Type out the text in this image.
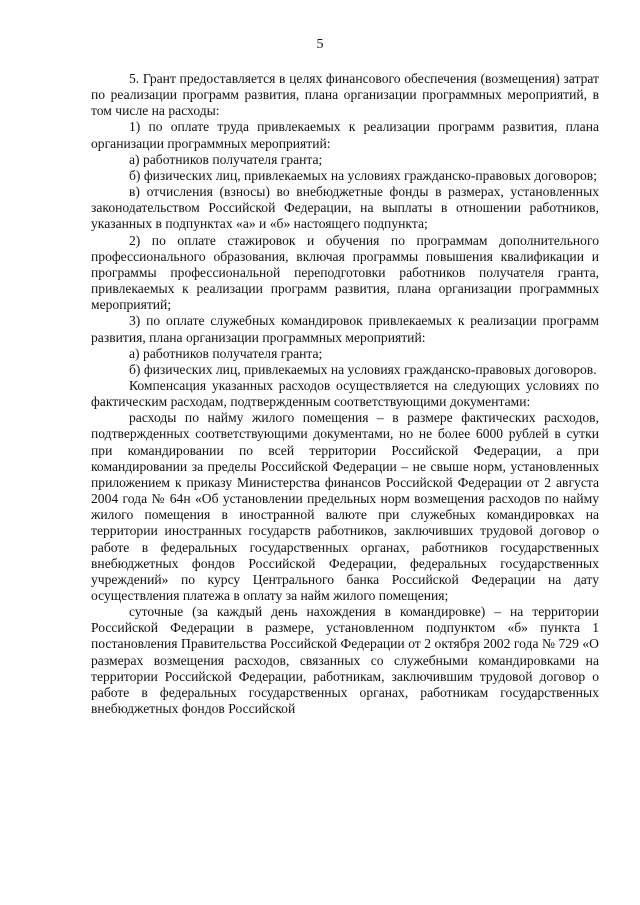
5

5. Грант предоставляется в целях финансового обеспечения (возмещения) затрат по реализации программ развития, плана организации программных мероприятий, в том числе на расходы:

1) по оплате труда привлекаемых к реализации программ развития, плана организации программных мероприятий:

а) работников получателя гранта;

б) физических лиц, привлекаемых на условиях гражданско-правовых договоров;

в) отчисления (взносы) во внебюджетные фонды в размерах, установленных законодательством Российской Федерации, на выплаты в отношении работников, указанных в подпунктах «а» и «б» настоящего подпункта;

2) по оплате стажировок и обучения по программам дополнительного профессионального образования, включая программы повышения квалификации и программы профессиональной переподготовки работников получателя гранта, привлекаемых к реализации программ развития, плана организации программных мероприятий;

3) по оплате служебных командировок привлекаемых к реализации программ развития, плана организации программных мероприятий:

а) работников получателя гранта;

б) физических лиц, привлекаемых на условиях гражданско-правовых договоров.

Компенсация указанных расходов осуществляется на следующих условиях по фактическим расходам, подтвержденным соответствующими документами:

расходы по найму жилого помещения – в размере фактических расходов, подтвержденных соответствующими документами, но не более 6000 рублей в сутки при командировании по всей территории Российской Федерации, а при командировании за пределы Российской Федерации – не свыше норм, установленных приложением к приказу Министерства финансов Российской Федерации от 2 августа 2004 года № 64н «Об установлении предельных норм возмещения расходов по найму жилого помещения в иностранной валюте при служебных командировках на территории иностранных государств работников, заключивших трудовой договор о работе в федеральных государственных органах, работников государственных внебюджетных фондов Российской Федерации, федеральных государственных учреждений» по курсу Центрального банка Российской Федерации на дату осуществления платежа в оплату за найм жилого помещения;

суточные (за каждый день нахождения в командировке) – на территории Российской Федерации в размере, установленном подпунктом «б» пункта 1 постановления Правительства Российской Федерации от 2 октября 2002 года № 729 «О размерах возмещения расходов, связанных со служебными командировками на территории Российской Федерации, работникам, заключившим трудовой договор о работе в федеральных государственных органах, работникам государственных внебюджетных фондов Российской
